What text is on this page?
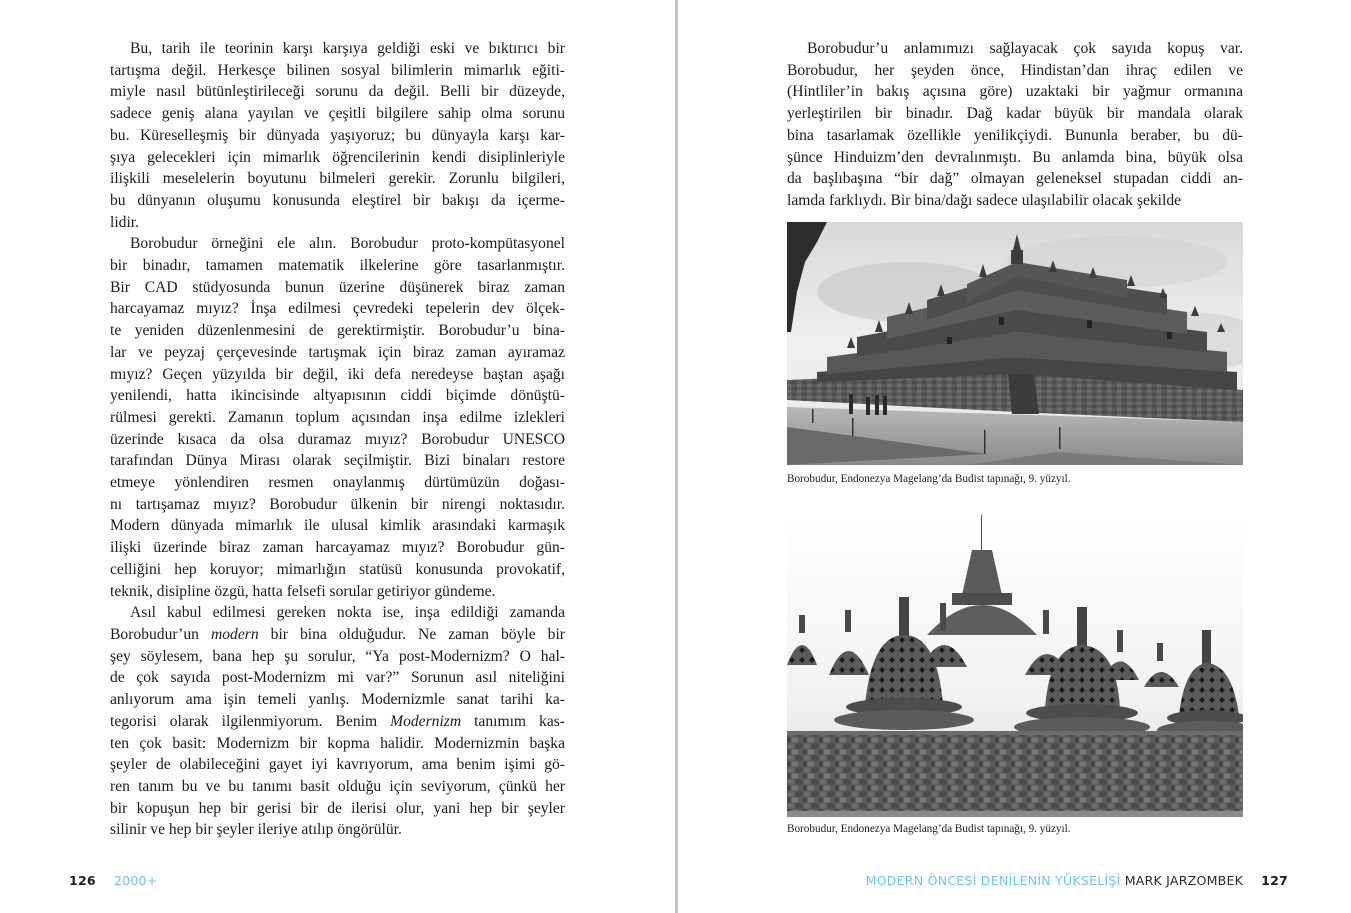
Bu, tarih ile teorinin karşı karşıya geldiği eski ve bıktırıcı bir
tartışma değil. Herkesçe bilinen sosyal bilimlerin mimarlık eğiti-
miyle nasıl bütünleştirileceği sorunu da değil. Belli bir düzeyde,
sadece geniş alana yayılan ve çeşitli bilgilere sahip olma sorunu
bu. Küreselleşmiş bir dünyada yaşıyoruz; bu dünyayla karşı kar-
şıya gelecekleri için mimarlık öğrencilerinin kendi disiplinleriyle
ilişkili meselelerin boyutunu bilmeleri gerekir. Zorunlu bilgileri,
bu dünyanın oluşumu konusunda eleştirel bir bakışı da içerme-
lidir.
Borobudur örneğini ele alın. Borobudur proto-kompütasyonel
bir binadır, tamamen matematik ilkelerine göre tasarlanmıştır.
Bir CAD stüdyosunda bunun üzerine düşünerek biraz zaman
harcayamaz mıyız? İnşa edilmesi çevredeki tepelerin dev ölçek-
te yeniden düzenlenmesini de gerektirmiştir. Borobudur’u bina-
lar ve peyzaj çerçevesinde tartışmak için biraz zaman ayıramaz
mıyız? Geçen yüzyılda bir değil, iki defa neredeyse baştan aşağı
yenilendi, hatta ikincisinde altyapısının ciddi biçimde dönüştü-
rülmesi gerekti. Zamanın toplum açısından inşa edilme izlekleri
üzerinde kısaca da olsa duramaz mıyız? Borobudur UNESCO
tarafından Dünya Mirası olarak seçilmiştir. Bizi binaları restore
etmeye yönlendiren resmen onaylanmış dürtümüzün doğası-
nı tartışamaz mıyız? Borobudur ülkenin bir nirengi noktasıdır.
Modern dünyada mimarlık ile ulusal kimlik arasındaki karmaşık
ilişki üzerinde biraz zaman harcayamaz mıyız? Borobudur gün-
celliğini hep koruyor; mimarlığın statüsü konusunda provokatif,
teknik, disipline özgü, hatta felsefi sorular getiriyor gündeme.
Asıl kabul edilmesi gereken nokta ise, inşa edildiği zamanda
Borobudur’un modern bir bina olduğudur. Ne zaman böyle bir
şey söylesem, bana hep şu sorulur, “Ya post-Modernizm? O hal-
de çok sayıda post-Modernizm mi var?” Sorunun asıl niteliğini
anlıyorum ama işin temeli yanlış. Modernizmle sanat tarihi ka-
tegorisi olarak ilgilenmiyorum. Benim Modernizm tanımım kas-
ten çok basit: Modernizm bir kopma halidir. Modernizmin başka
şeyler de olabileceğini gayet iyi kavrıyorum, ama benim işimi gö-
ren tanım bu ve bu tanımı basit olduğu için seviyorum, çünkü her
bir kopuşun hep bir gerisi bir de ilerisi olur, yani hep bir şeyler
silinir ve hep bir şeyler ileriye atılıp öngörülür.
Borobudur’u anlamımızı sağlayacak çok sayıda kopuş var.
Borobudur, her şeyden önce, Hindistan’dan ihraç edilen ve
(Hintliler’in bakış açısına göre) uzaktaki bir yağmur ormanına
yerleştirilen bir binadır. Dağ kadar büyük bir mandala olarak
bina tasarlamak özellikle yenilikçiydi. Bununla beraber, bu dü-
şünce Hinduizm’den devralınmıştı. Bu anlamda bina, büyük olsa
da başlıbaşına “bir dağ” olmayan geleneksel stupadan ciddi an-
lamda farklıydı. Bir bina/dağı sadece ulaşılabilir olacak şekilde
Borobudur, Endonezya Magelang’da Budist tapınağı, 9. yüzyıl.
Borobudur, Endonezya Magelang’da Budist tapınağı, 9. yüzyıl.
126 2000+	MODERN ÖNCESİ DENİLENİN YÜKSELİŞİ MARK JARZOMBEK 127
